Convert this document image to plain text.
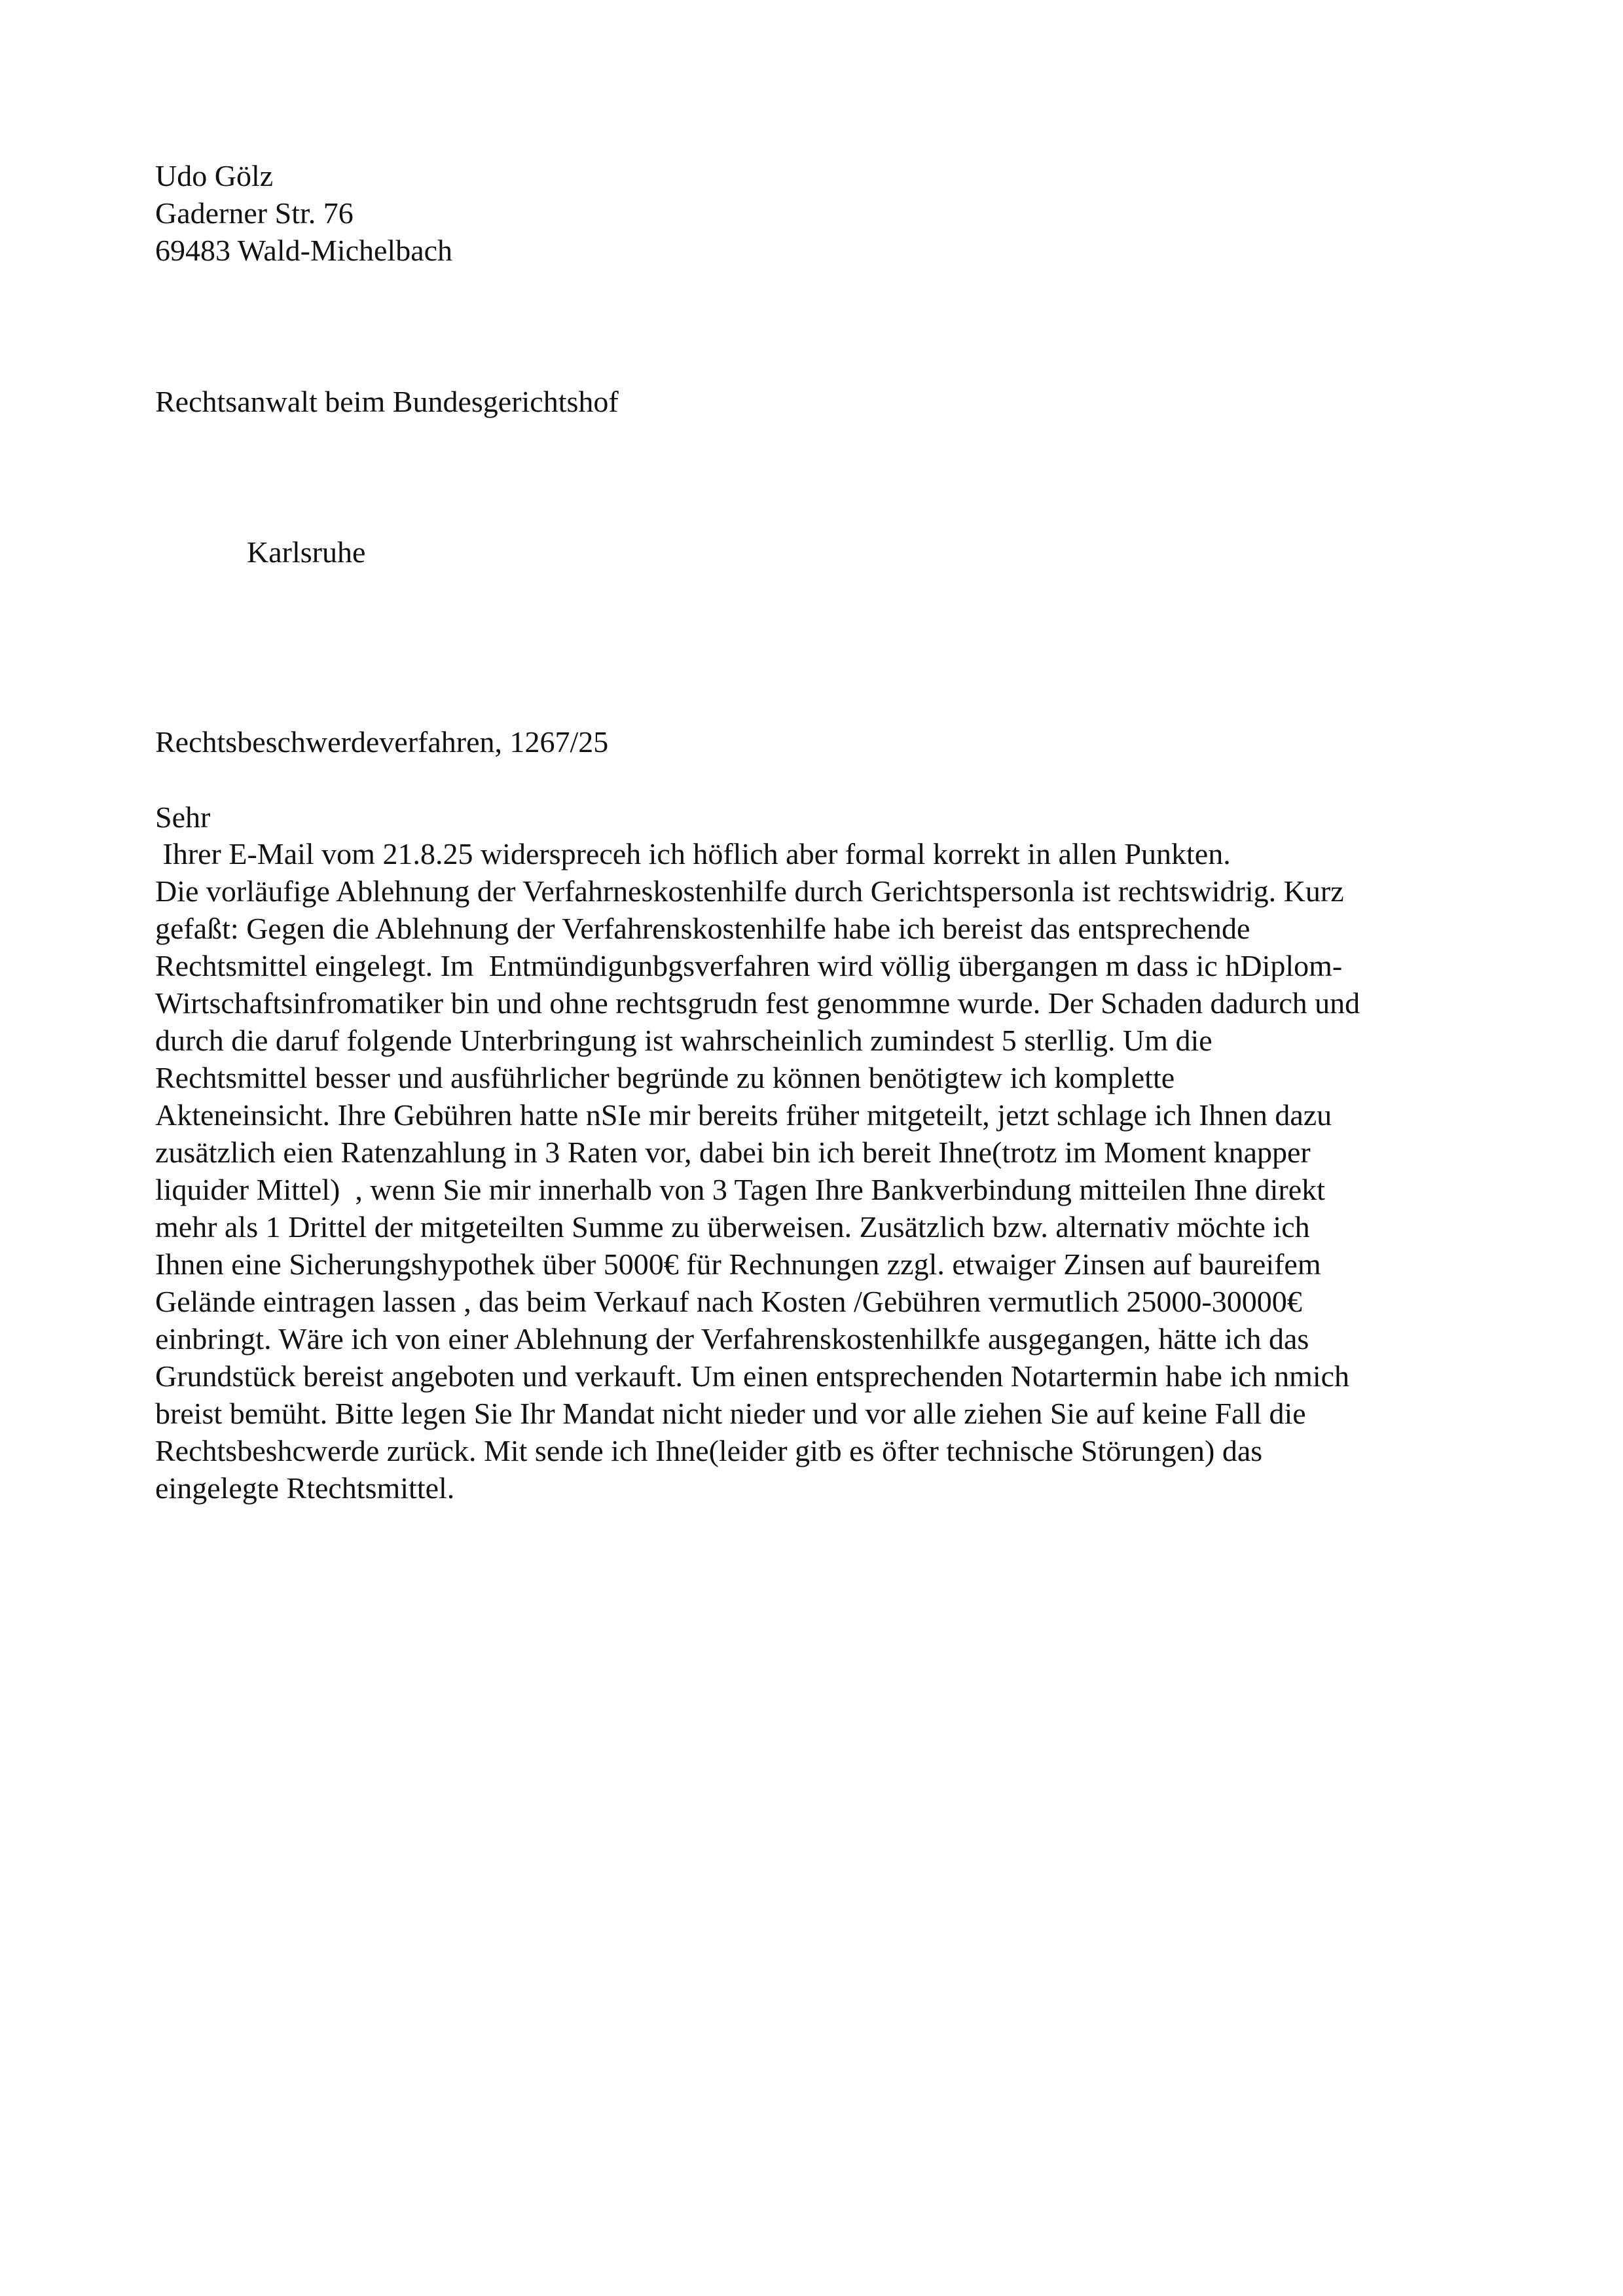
Udo Gölz
Gaderner Str. 76
69483 Wald-Michelbach
Rechtsanwalt beim Bundesgerichtshof
Karlsruhe
Rechtsbeschwerdeverfahren, 1267/25
Sehr
Ihrer E-Mail vom 21.8.25 widerspreceh ich höflich aber formal korrekt in allen Punkten.
Die vorläufige Ablehnung der Verfahrneskostenhilfe durch Gerichtspersonla ist rechtswidrig. Kurz
gefaßt: Gegen die Ablehnung der Verfahrenskostenhilfe habe ich bereist das entsprechende
Rechtsmittel eingelegt. Im  Entmündigunbgsverfahren wird völlig übergangen m dass ic hDiplom-
Wirtschaftsinfromatiker bin und ohne rechtsgrudn fest genommne wurde. Der Schaden dadurch und
durch die daruf folgende Unterbringung ist wahrscheinlich zumindest 5 sterllig. Um die
Rechtsmittel besser und ausführlicher begründe zu können benötigtew ich komplette
Akteneinsicht. Ihre Gebühren hatte nSIe mir bereits früher mitgeteilt, jetzt schlage ich Ihnen dazu
zusätzlich eien Ratenzahlung in 3 Raten vor, dabei bin ich bereit Ihne(trotz im Moment knapper
liquider Mittel)  , wenn Sie mir innerhalb von 3 Tagen Ihre Bankverbindung mitteilen Ihne direkt
mehr als 1 Drittel der mitgeteilten Summe zu überweisen. Zusätzlich bzw. alternativ möchte ich
Ihnen eine Sicherungshypothek über 5000€ für Rechnungen zzgl. etwaiger Zinsen auf baureifem
Gelände eintragen lassen , das beim Verkauf nach Kosten /Gebühren vermutlich 25000-30000€
einbringt. Wäre ich von einer Ablehnung der Verfahrenskostenhilkfe ausgegangen, hätte ich das
Grundstück bereist angeboten und verkauft. Um einen entsprechenden Notartermin habe ich nmich
breist bemüht. Bitte legen Sie Ihr Mandat nicht nieder und vor alle ziehen Sie auf keine Fall die
Rechtsbeshcwerde zurück. Mit sende ich Ihne(leider gitb es öfter technische Störungen) das
eingelegte Rtechtsmittel.
